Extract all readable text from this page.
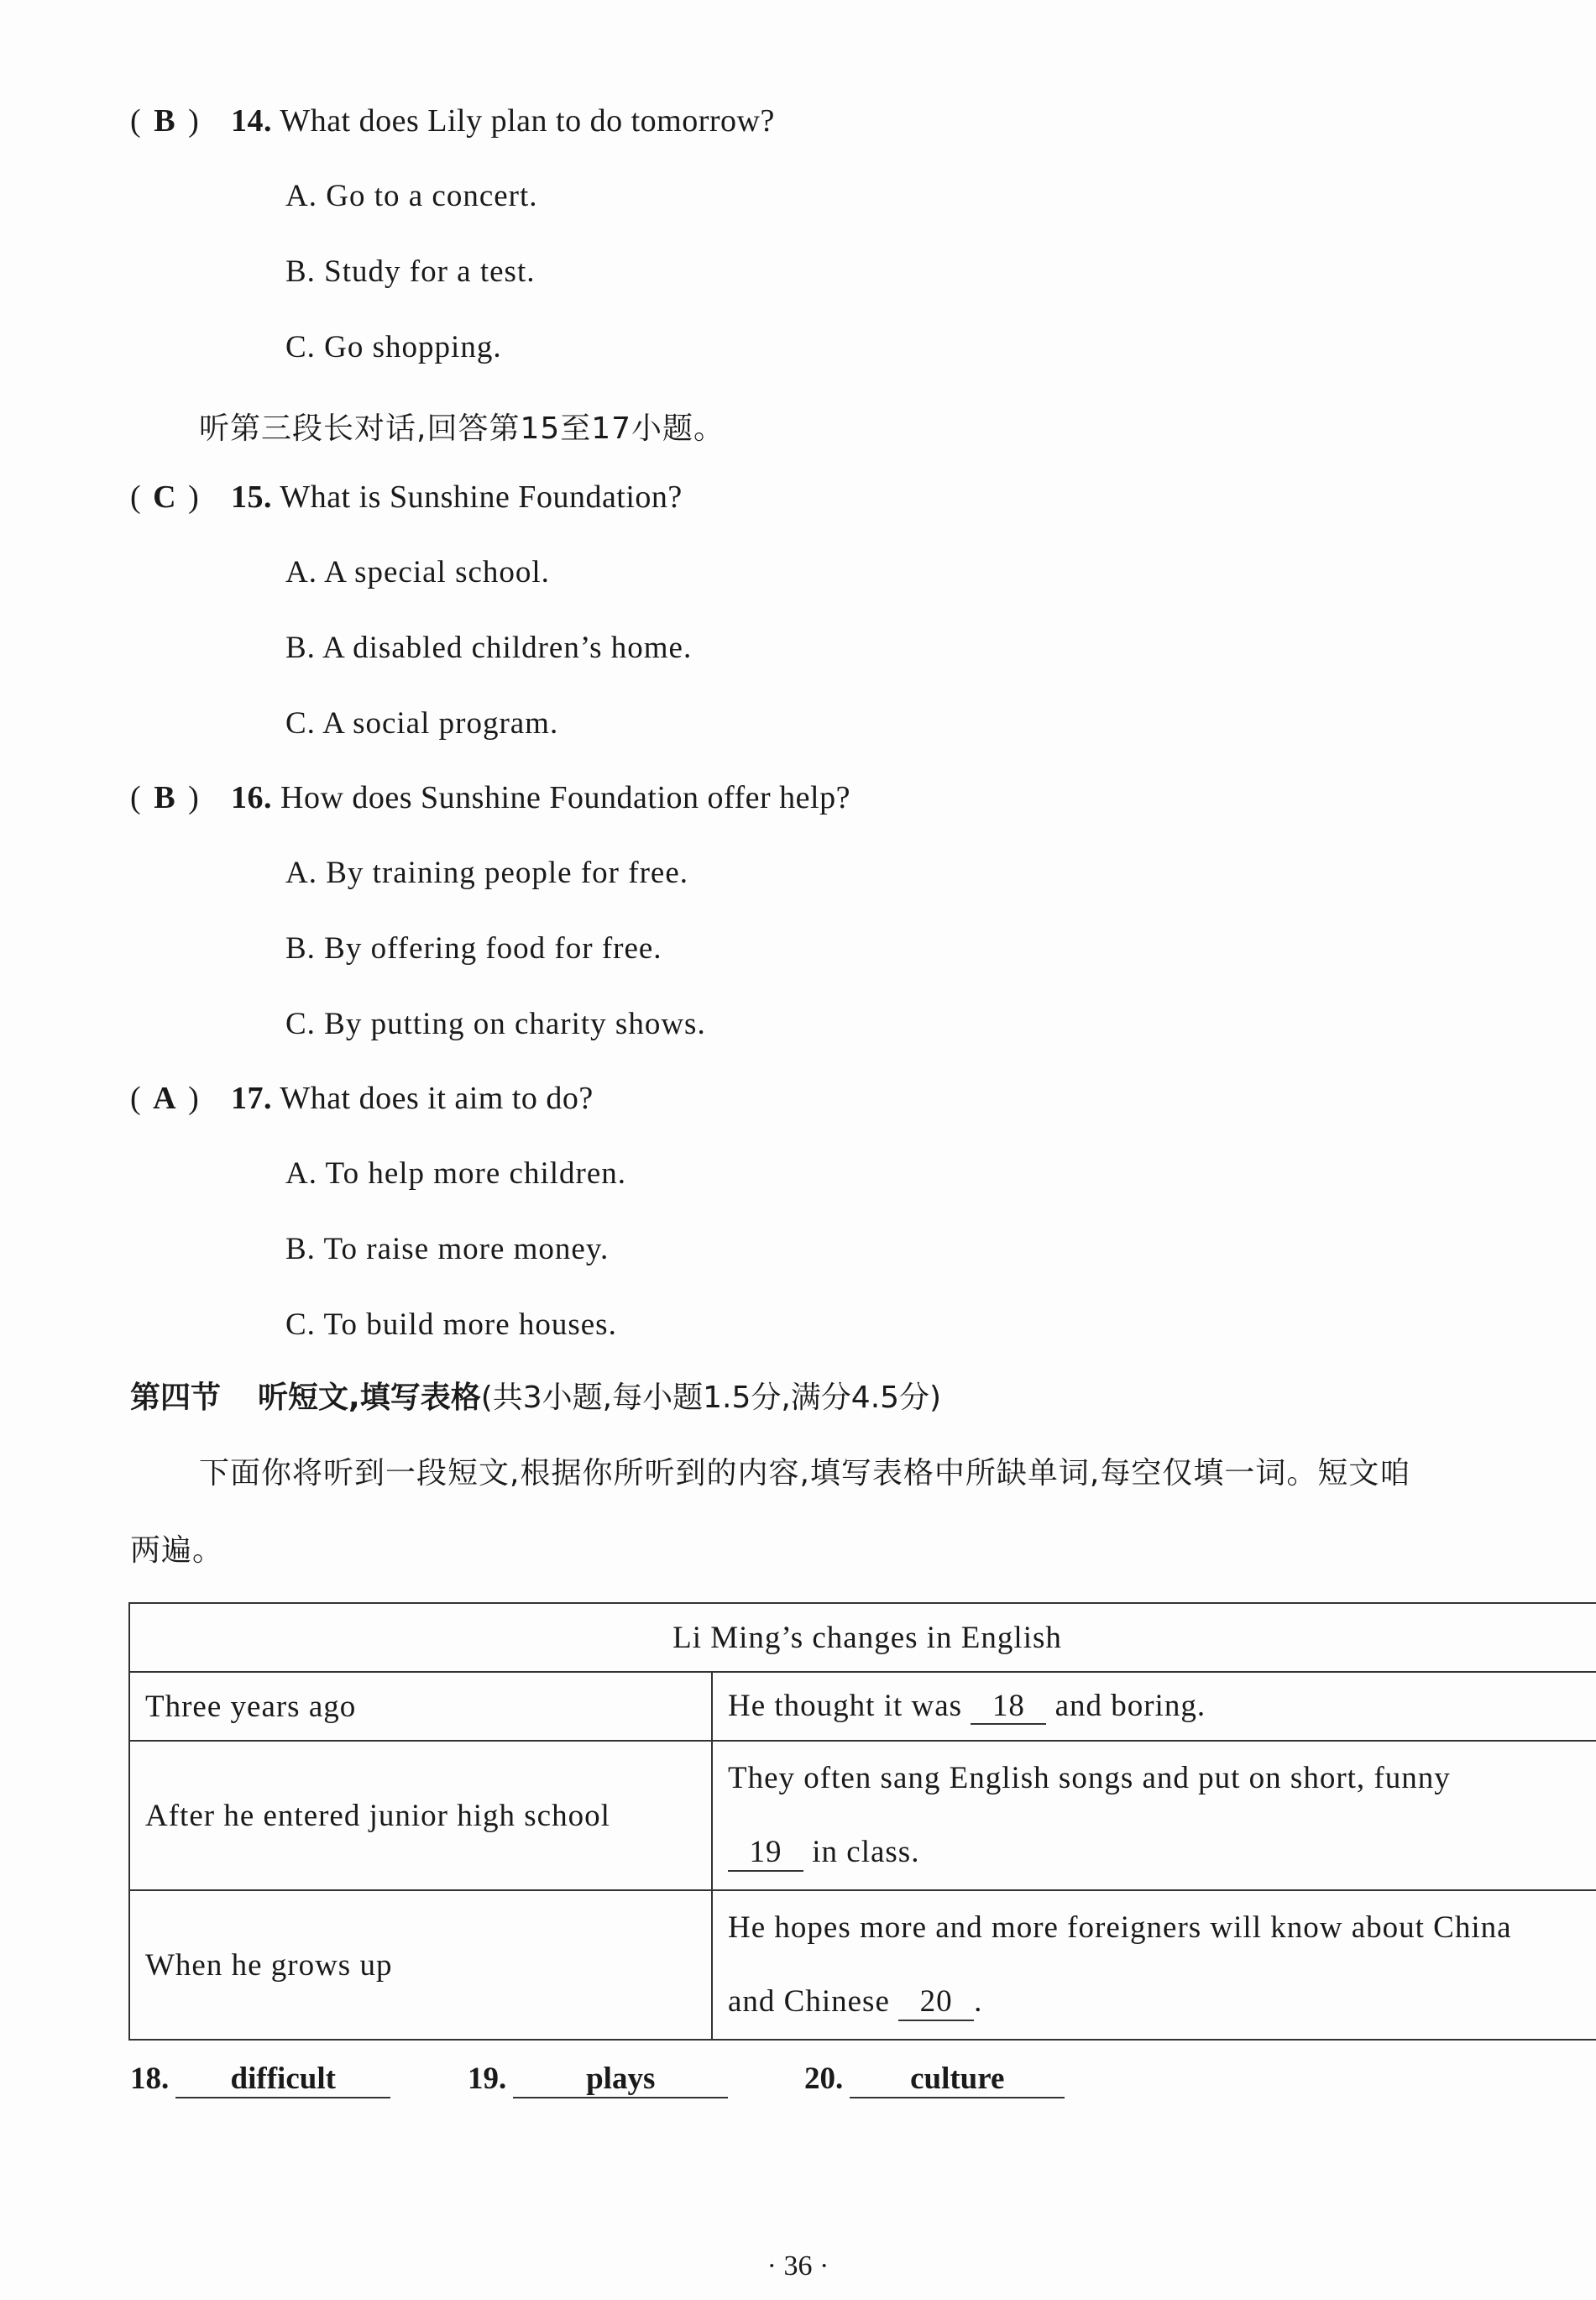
( B ) 14. What does Lily plan to do tomorrow?
A. Go to a concert.
B. Study for a test.
C. Go shopping.
听第三段长对话,回答第15至17小题。
( C ) 15. What is Sunshine Foundation?
A. A special school.
B. A disabled children’s home.
C. A social program.
( B ) 16. How does Sunshine Foundation offer help?
A. By training people for free.
B. By offering food for free.
C. By putting on charity shows.
( A ) 17. What does it aim to do?
A. To help more children.
B. To raise more money.
C. To build more houses.
第四节 听短文,填写表格(共3小题,每小题1.5分,满分4.5分)
下面你将听到一段短文,根据你所听到的内容,填写表格中所缺单词,每空仅填一词。短文咱
两遍。
Li Ming’s changes in English	
Three years ago	He thought it was 18 and boring.
After he entered junior high school	They often sang English songs and put on short, funny
19 in class.

When he grows up	He hopes more and more foreigners will know about China
and Chinese 20 .
18. difficult	19.	plays	20. culture
· 36 ·
